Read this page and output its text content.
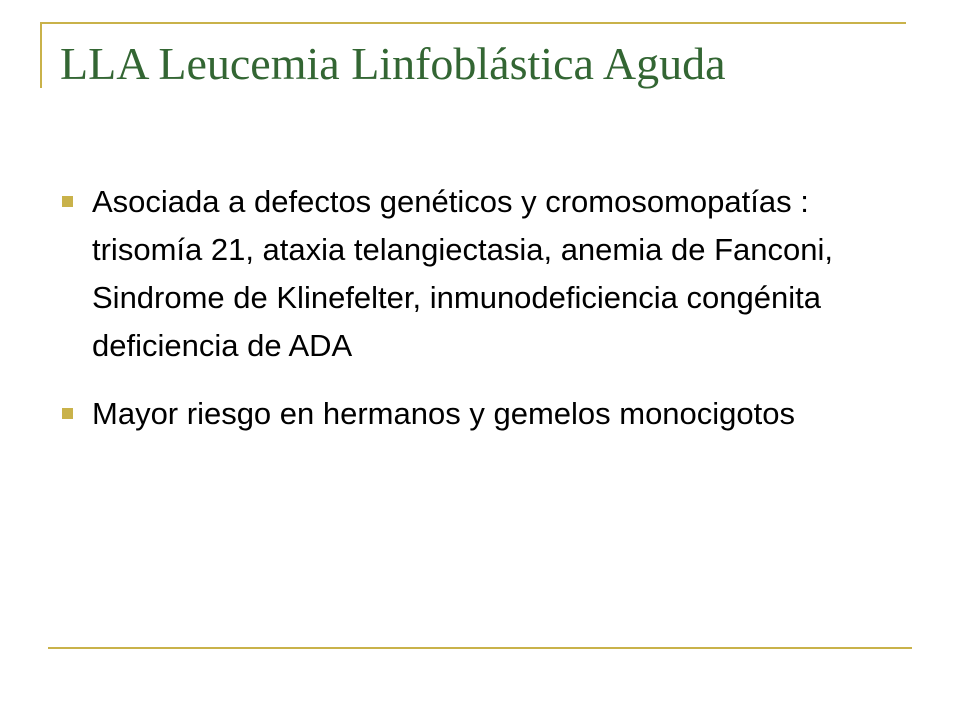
LLA Leucemia Linfoblástica Aguda
Asociada a defectos genéticos y cromosomopatías : trisomía 21, ataxia telangiectasia, anemia de Fanconi, Sindrome de Klinefelter, inmunodeficiencia congénita deficiencia de ADA
Mayor riesgo en hermanos y gemelos monocigotos
